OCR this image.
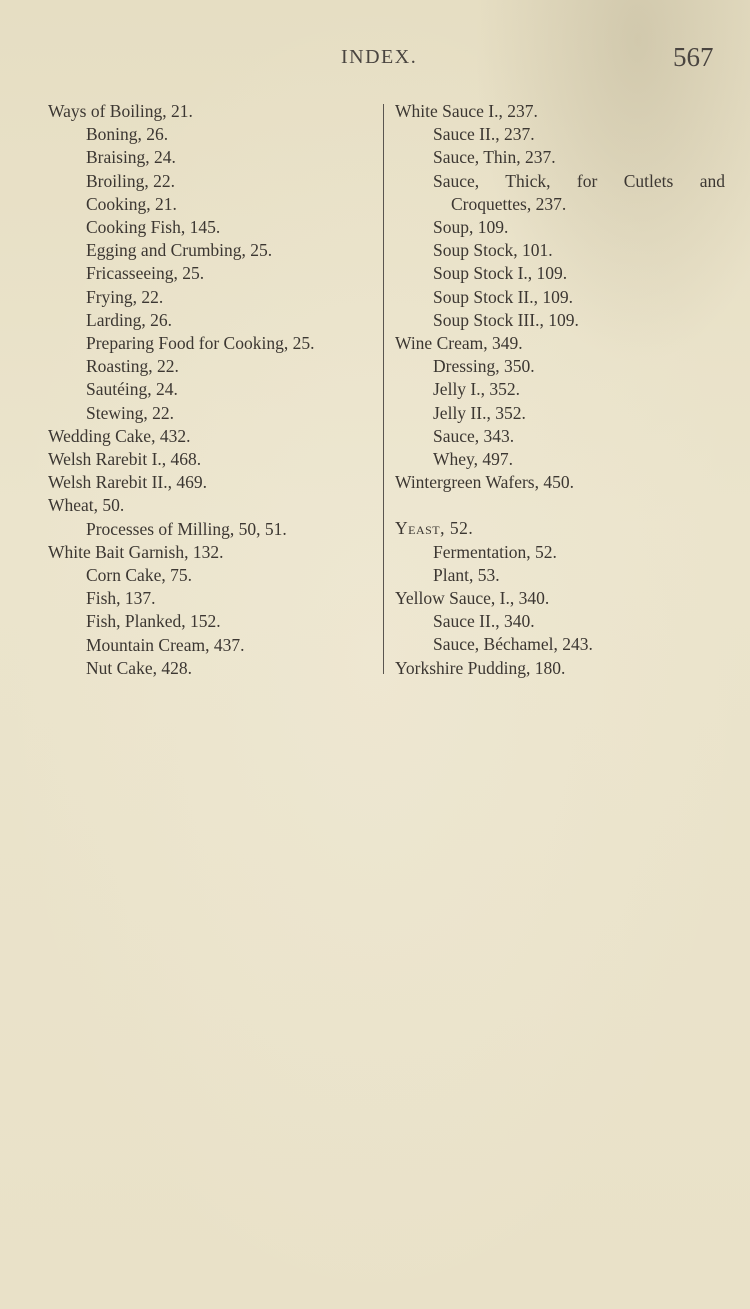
INDEX.	567
Ways of Boiling, 21.
Boning, 26.
Braising, 24.
Broiling, 22.
Cooking, 21.
Cooking Fish, 145.
Egging and Crumbing, 25.
Fricasseeing, 25.
Frying, 22.
Larding, 26.
Preparing Food for Cooking, 25.
Roasting, 22.
Sautéing, 24.
Stewing, 22.
Wedding Cake, 432.
Welsh Rarebit I., 468.
Welsh Rarebit II., 469.
Wheat, 50.
Processes of Milling, 50, 51.
White Bait Garnish, 132.
Corn Cake, 75.
Fish, 137.
Fish, Planked, 152.
Mountain Cream, 437.
Nut Cake, 428.
White Sauce I., 237.
Sauce II., 237.
Sauce, Thin, 237.
Sauce, Thick, for Cutlets and
Croquettes, 237.
Soup, 109.
Soup Stock, 101.
Soup Stock I., 109.
Soup Stock II., 109.
Soup Stock III., 109.
Wine Cream, 349.
Dressing, 350.
Jelly I., 352.
Jelly II., 352.
Sauce, 343.
Whey, 497.
Wintergreen Wafers, 450.
Yeast, 52.
Fermentation, 52.
Plant, 53.
Yellow Sauce, I., 340.
Sauce II., 340.
Sauce, Béchamel, 243.
Yorkshire Pudding, 180.
